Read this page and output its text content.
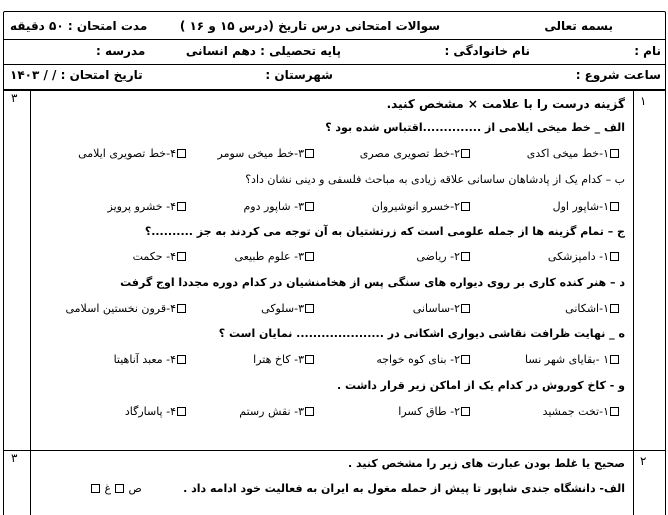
بسمه تعالی
سوالات امتحانی درس تاریخ (درس ۱۵ و ۱۶ )
مدت امتحان : ۵۰ دقیقه
نام :
نام خانوادگی :
پایه تحصیلی : دهم انسانی
مدرسه :
ساعت شروع :
شهرستان :
تاریخ امتحان : / / ۱۴۰۳
۱
۳	گزینه درست را با علامت × مشخص کنید.
الف _ خط میخی ایلامی از ..............اقتباس شده بود ؟
۱-خط میخی اکدی
۲-خط تصویری مصری
۳-خط میخی سومر
۴-خط تصویری ایلامی
ب – کدام یک از پادشاهان ساسانی علاقه زیادی به مباحث فلسفی و دینی نشان داد؟
۱-شاپور اول
۲-خسرو انوشیروان
۳- شاپور دوم
۴- خشرو پرویز
ج – تمام گزینه ها از جمله علومی است که زرتشتیان به آن توجه می کردند به جز ..........؟
۱- دامپزشکی
۲- ریاضی
۳- علوم طبیعی
۴- حکمت
د – هنر کنده کاری بر روی دیواره های سنگی پس از هخامنشیان در کدام دوره مجددا اوج گرفت
۱-اشکانی
۲-ساسانی
۳-سلوکی
۴-قرون نخستین اسلامی
ه _ نهایت ظرافت نقاشی دیواری اشکانی در ..................... نمایان است ؟
۱ -بقایای شهر نسا
۲- بنای کوه خواجه
۳- کاخ هترا
۴- معبد آناهیتا
و - کاخ کوروش در کدام یک از اماکن زیر قرار داشت .
۱-تخت جمشید
۲- طاق کسرا
۳- نقش رستم
۴- پاسارگاد
۲
۳	صحیح یا غلط بودن عبارت های زیر را مشخص کنید .
الف- دانشگاه جندی شاپور تا پیش از حمله مغول به ایران به فعالیت خود ادامه داد .
ص
غ
